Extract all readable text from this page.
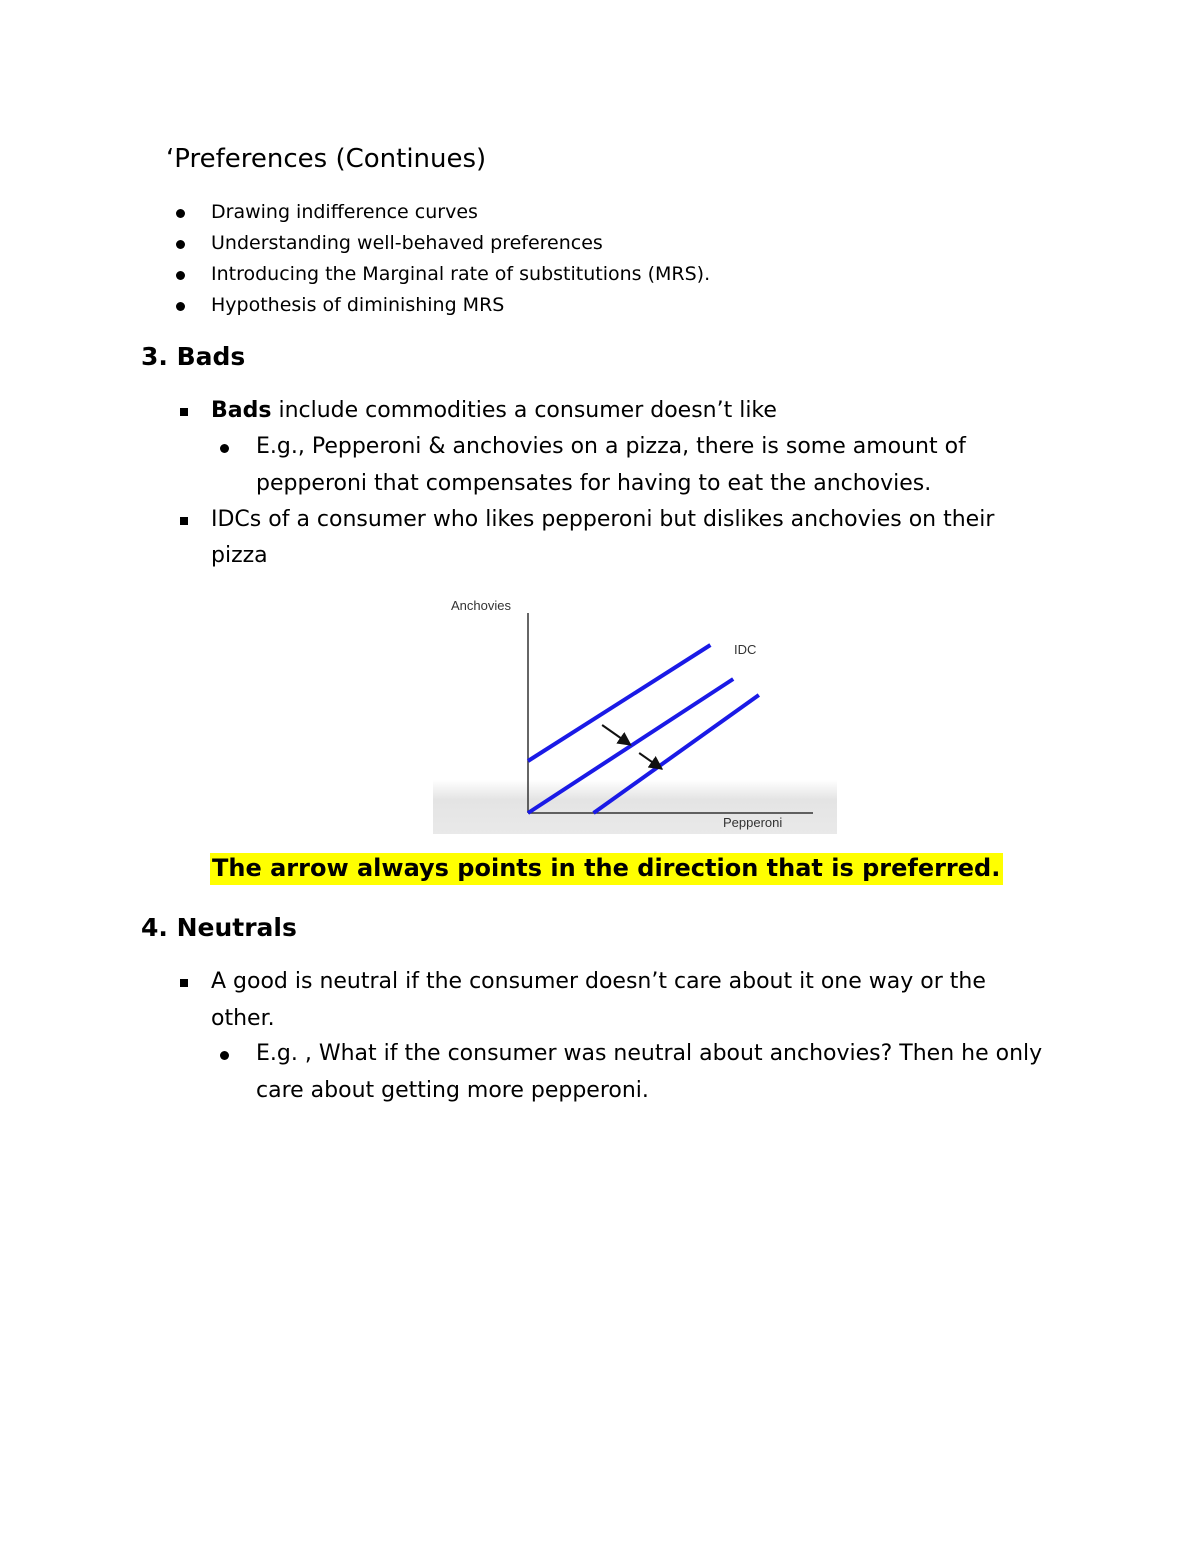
‘Preferences (Continues)
Drawing indifference curves
Understanding well-behaved preferences
Introducing the Marginal rate of substitutions (MRS).
Hypothesis of diminishing MRS
3. Bads
Bads include commodities a consumer doesn’t like
E.g., Pepperoni & anchovies on a pizza, there is some amount of
pepperoni that compensates for having to eat the anchovies.
IDCs of a consumer who likes pepperoni but dislikes anchovies on their
pizza
Anchovies
Pepperoni
IDC
The arrow always points in the direction that is preferred.
4. Neutrals
A good is neutral if the consumer doesn’t care about it one way or the
other.
E.g. , What if the consumer was neutral about anchovies? Then he only
care about getting more pepperoni.
